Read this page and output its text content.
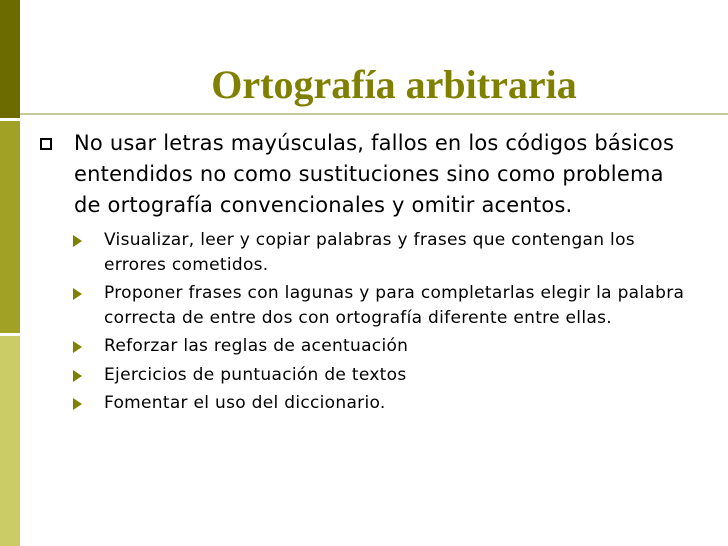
Ortografía arbitraria
No usar letras mayúsculas, fallos en los códigos básicos entendidos no como sustituciones sino como problema de ortografía convencionales y omitir acentos.
Visualizar, leer y copiar palabras y frases que contengan los errores cometidos.
Proponer frases con lagunas y para completarlas elegir la palabra correcta de entre dos con ortografía diferente entre ellas.
Reforzar las reglas de acentuación
Ejercicios de puntuación de textos
Fomentar el uso del diccionario.
